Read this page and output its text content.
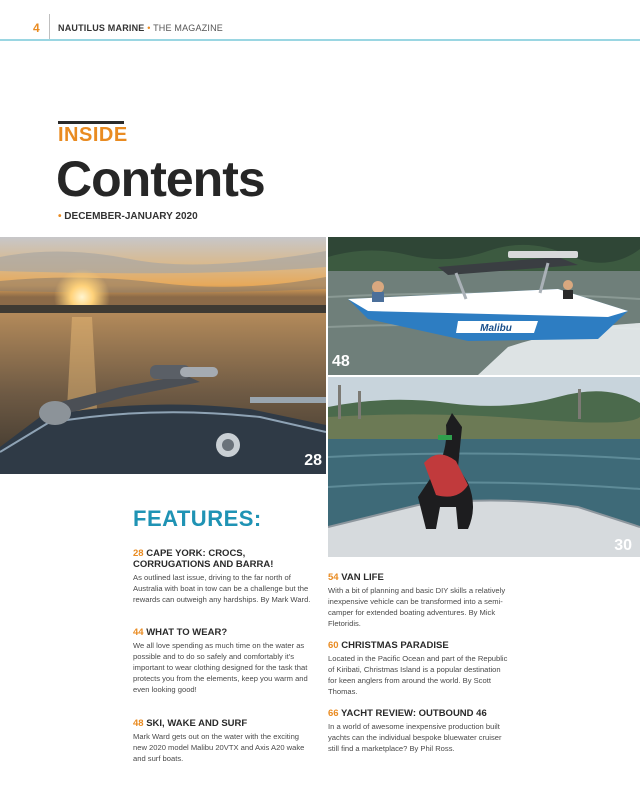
4 NAUTILUS MARINE • THE MAGAZINE
INSIDE
Contents
• DECEMBER-JANUARY 2020
28
Malibu
48
30
FEATURES:
28 CAPE YORK: CROCS, CORRUGATIONS AND BARRA!
As outlined last issue, driving to the far north of Australia with boat in tow can be a challenge but the rewards can outweigh any hardships. By Mark Ward.
44 WHAT TO WEAR?
We all love spending as much time on the water as possible and to do so safely and comfortably it's important to wear clothing designed for the task that protects you from the elements, keep you warm and even looking good!
48 SKI, WAKE AND SURF
Mark Ward gets out on the water with the exciting new 2020 model Malibu 20VTX and Axis A20 wake and surf boats.
54 VAN LIFE
With a bit of planning and basic DIY skills a relatively inexpensive vehicle can be transformed into a semi-camper for extended boating adventures. By Mick Fletoridis.
60 CHRISTMAS PARADISE
Located in the Pacific Ocean and part of the Republic of Kiribati, Christmas Island is a popular destination for keen anglers from around the world. By Scott Thomas.
66 YACHT REVIEW: OUTBOUND 46
In a world of awesome inexpensive production built yachts can the individual bespoke bluewater cruiser still find a marketplace? By Phil Ross.
